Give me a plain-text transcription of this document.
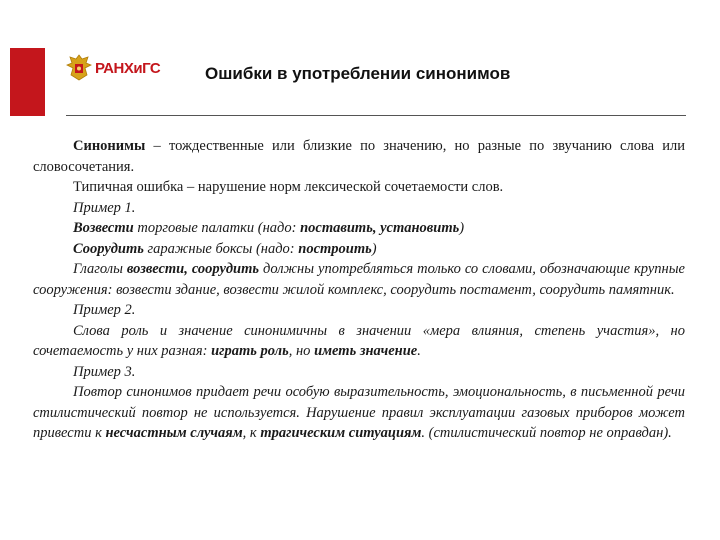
РАНХиГС	Ошибки в употреблении синонимов

Синонимы – тождественные или близкие по значению, но разные по звучанию слова или словосочетания.

Типичная ошибка – нарушение норм лексической сочетаемости слов.

Пример 1.

Возвести торговые палатки (надо: поставить, установить)

Соорудить гаражные боксы (надо: построить)

Глаголы возвести, соорудить должны употребляться только со словами, обозначающие крупные сооружения: возвести здание, возвести жилой комплекс, соорудить постамент, соорудить памятник.

Пример 2.

Слова роль и значение синонимичны в значении «мера влияния, степень участия», но сочетаемость у них разная: играть роль, но иметь значение.

Пример 3.

Повтор синонимов придает речи особую выразительность, эмоциональность, в письменной речи стилистический повтор не используется. Нарушение правил эксплуатации газовых приборов может привести к несчастным случаям, к трагическим ситуациям. (стилистический повтор не оправдан).
